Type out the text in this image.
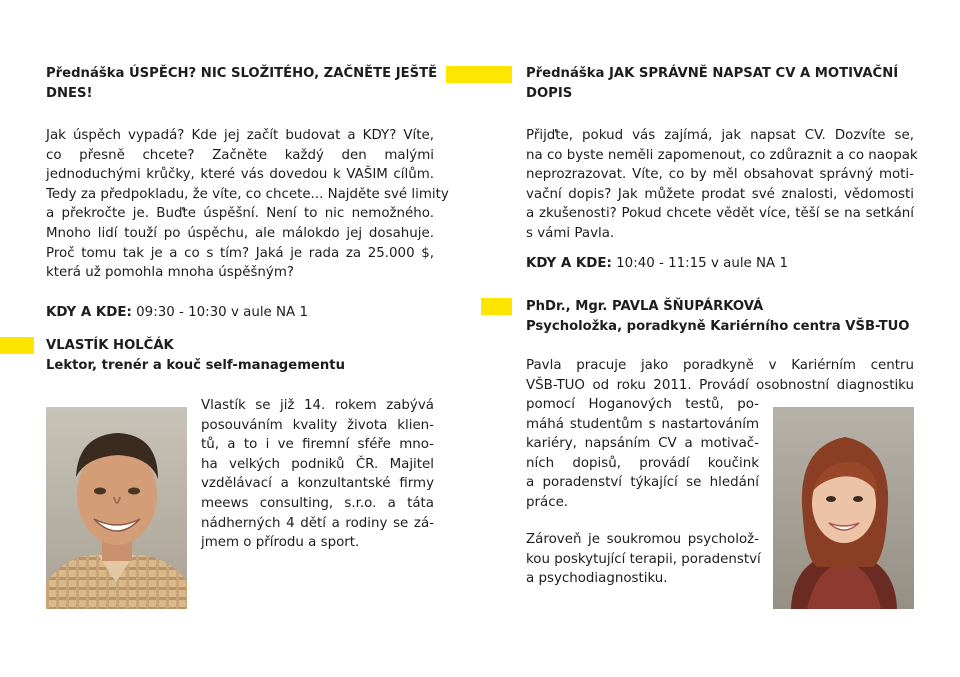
Přednáška ÚSPĚCH? NIC SLOŽITÉHO, ZAČNĚTE JEŠTĚ
DNES!
Jak úspěch vypadá? Kde jej začít budovat a KDY? Víte,
co přesně chcete? Začněte každý den malými
jednoduchými krůčky, které vás dovedou k VAŠIM cílům.
Tedy za předpokladu, že víte, co chcete... Najděte své limity
a překročte je. Buďte úspěšní. Není to nic nemožného.
Mnoho lidí touží po úspěchu, ale málokdo jej dosahuje.
Proč tomu tak je a co s tím? Jaká je rada za 25.000 $,
která už pomohla mnoha úspěšným?

KDY A KDE: 09:30 - 10:30 v aule NA 1

VLASTÍK HOLČÁK

Lektor, trenér a kouč self-managementu

Vlastík se již 14. rokem zabývá
posouváním kvality života klien-
tů, a to i ve firemní sféře mno-
ha velkých podniků ČR. Majitel
vzdělávací a konzultantské firmy
meews consulting, s.r.o. a táta
nádherných 4 dětí a rodiny se zá-
jmem o přírodu a sport.
Přednáška JAK SPRÁVNĚ NAPSAT CV A MOTIVAČNÍ
DOPIS
Přijďte, pokud vás zajímá, jak napsat CV. Dozvíte se,
na co byste neměli zapomenout, co zdůraznit a co naopak
neprozrazovat. Víte, co by měl obsahovat správný moti-
vační dopis? Jak můžete prodat své znalosti, vědomosti
a zkušenosti? Pokud chcete vědět více, těší se na setkání
s vámi Pavla.

KDY A KDE: 10:40 - 11:15 v aule NA 1

PhDr., Mgr. PAVLA ŠŇUPÁRKOVÁ

Psycholožka, poradkyně Kariérního centra VŠB-TUO

Pavla pracuje jako poradkyně v Kariérním centru
VŠB-TUO od roku 2011. Provádí osobnostní diagnostiku
pomocí Hoganových testů, po-
máhá studentům s nastartováním
kariéry, napsáním CV a motivač-
ních dopisů, provádí koučink
a poradenství týkající se hledání
práce.
Zároveň je soukromou psycholož-
kou poskytující terapii, poradenství
a psychodiagnostiku.
